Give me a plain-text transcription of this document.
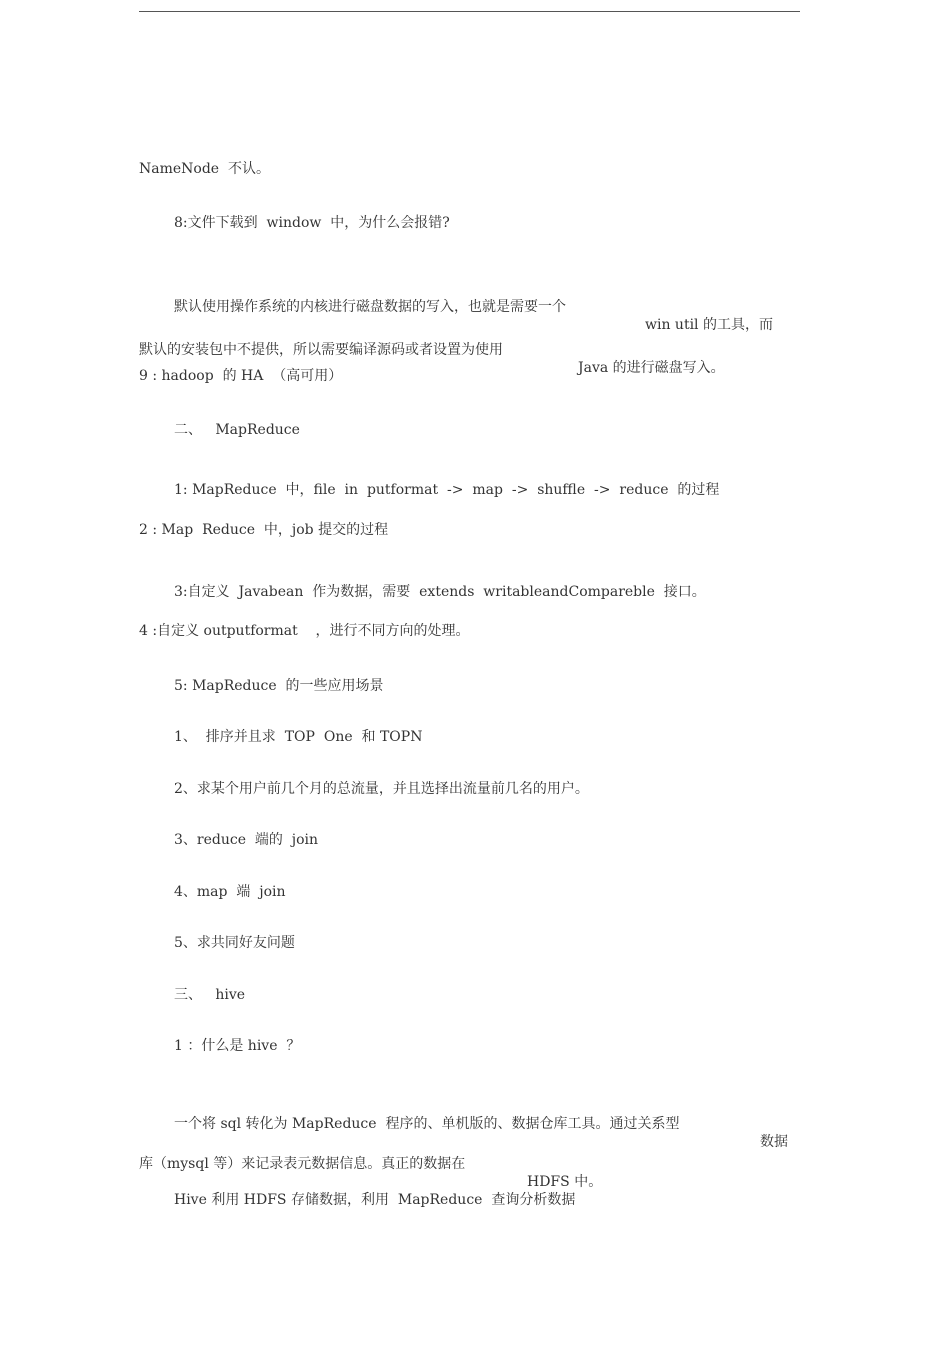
NameNode  不认。
8:文件下载到  window  中，为什么会报错?

默认使用操作系统的内核进行磁盘数据的写入，也就是需要一个

win util 的工具，而

默认的安装包中不提供，所以需要编译源码或者设置为使用

Java 的进行磁盘写入。

9 : hadoop  的 HA  （高可用）
二、   MapReduce
1: MapReduce  中，file  in  putformat  ->  map  ->  shuffle  ->  reduce  的过程
2 : Map  Reduce  中，job 提交的过程
3:自定义  Javabean  作为数据，需要  extends  writableandCompareble  接口。
4 :自定义 outputformat    ，进行不同方向的处理。
5: MapReduce  的一些应用场景
1、  排序并且求  TOP  One  和 TOPN
2、求某个用户前几个月的总流量，并且选择出流量前几名的用户。
3、reduce  端的  join
4、map  端  join
5、求共同好友问题
三、   hive
1 ：什么是 hive  ？

一个将 sql 转化为 MapReduce  程序的、单机版的、数据仓库工具。通过关系型

数据

库（mysql 等）来记录表元数据信息。真正的数据在

HDFS 中。

Hive 利用 HDFS 存储数据，利用  MapReduce  查询分析数据
